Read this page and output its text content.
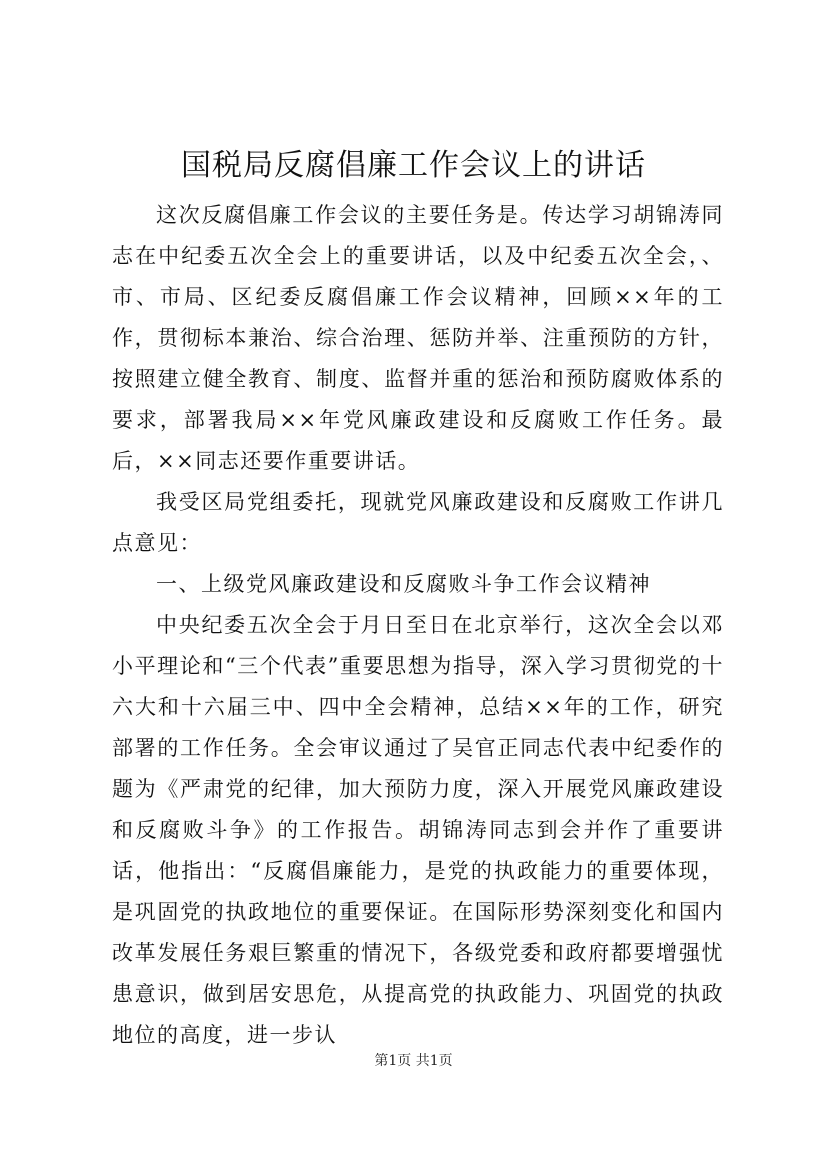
国税局反腐倡廉工作会议上的讲话

这次反腐倡廉工作会议的主要任务是。传达学习胡锦涛同志在中纪委五次全会上的重要讲话，以及中纪委五次全会，、市、市局、区纪委反腐倡廉工作会议精神，回顾××年的工作，贯彻标本兼治、综合治理、惩防并举、注重预防的方针，按照建立健全教育、制度、监督并重的惩治和预防腐败体系的要求，部署我局××年党风廉政建设和反腐败工作任务。最后，××同志还要作重要讲话。

我受区局党组委托，现就党风廉政建设和反腐败工作讲几点意见：

一、上级党风廉政建设和反腐败斗争工作会议精神

中央纪委五次全会于月日至日在北京举行，这次全会以邓小平理论和“三个代表”重要思想为指导，深入学习贯彻党的十六大和十六届三中、四中全会精神，总结××年的工作，研究部署的工作任务。全会审议通过了吴官正同志代表中纪委作的题为《严肃党的纪律，加大预防力度，深入开展党风廉政建设和反腐败斗争》的工作报告。胡锦涛同志到会并作了重要讲话，他指出：“反腐倡廉能力，是党的执政能力的重要体现，是巩固党的执政地位的重要保证。在国际形势深刻变化和国内改革发展任务艰巨繁重的情况下，各级党委和政府都要增强忧患意识，做到居安思危，从提高党的执政能力、巩固党的执政地位的高度，进一步认

第1页 共1页
